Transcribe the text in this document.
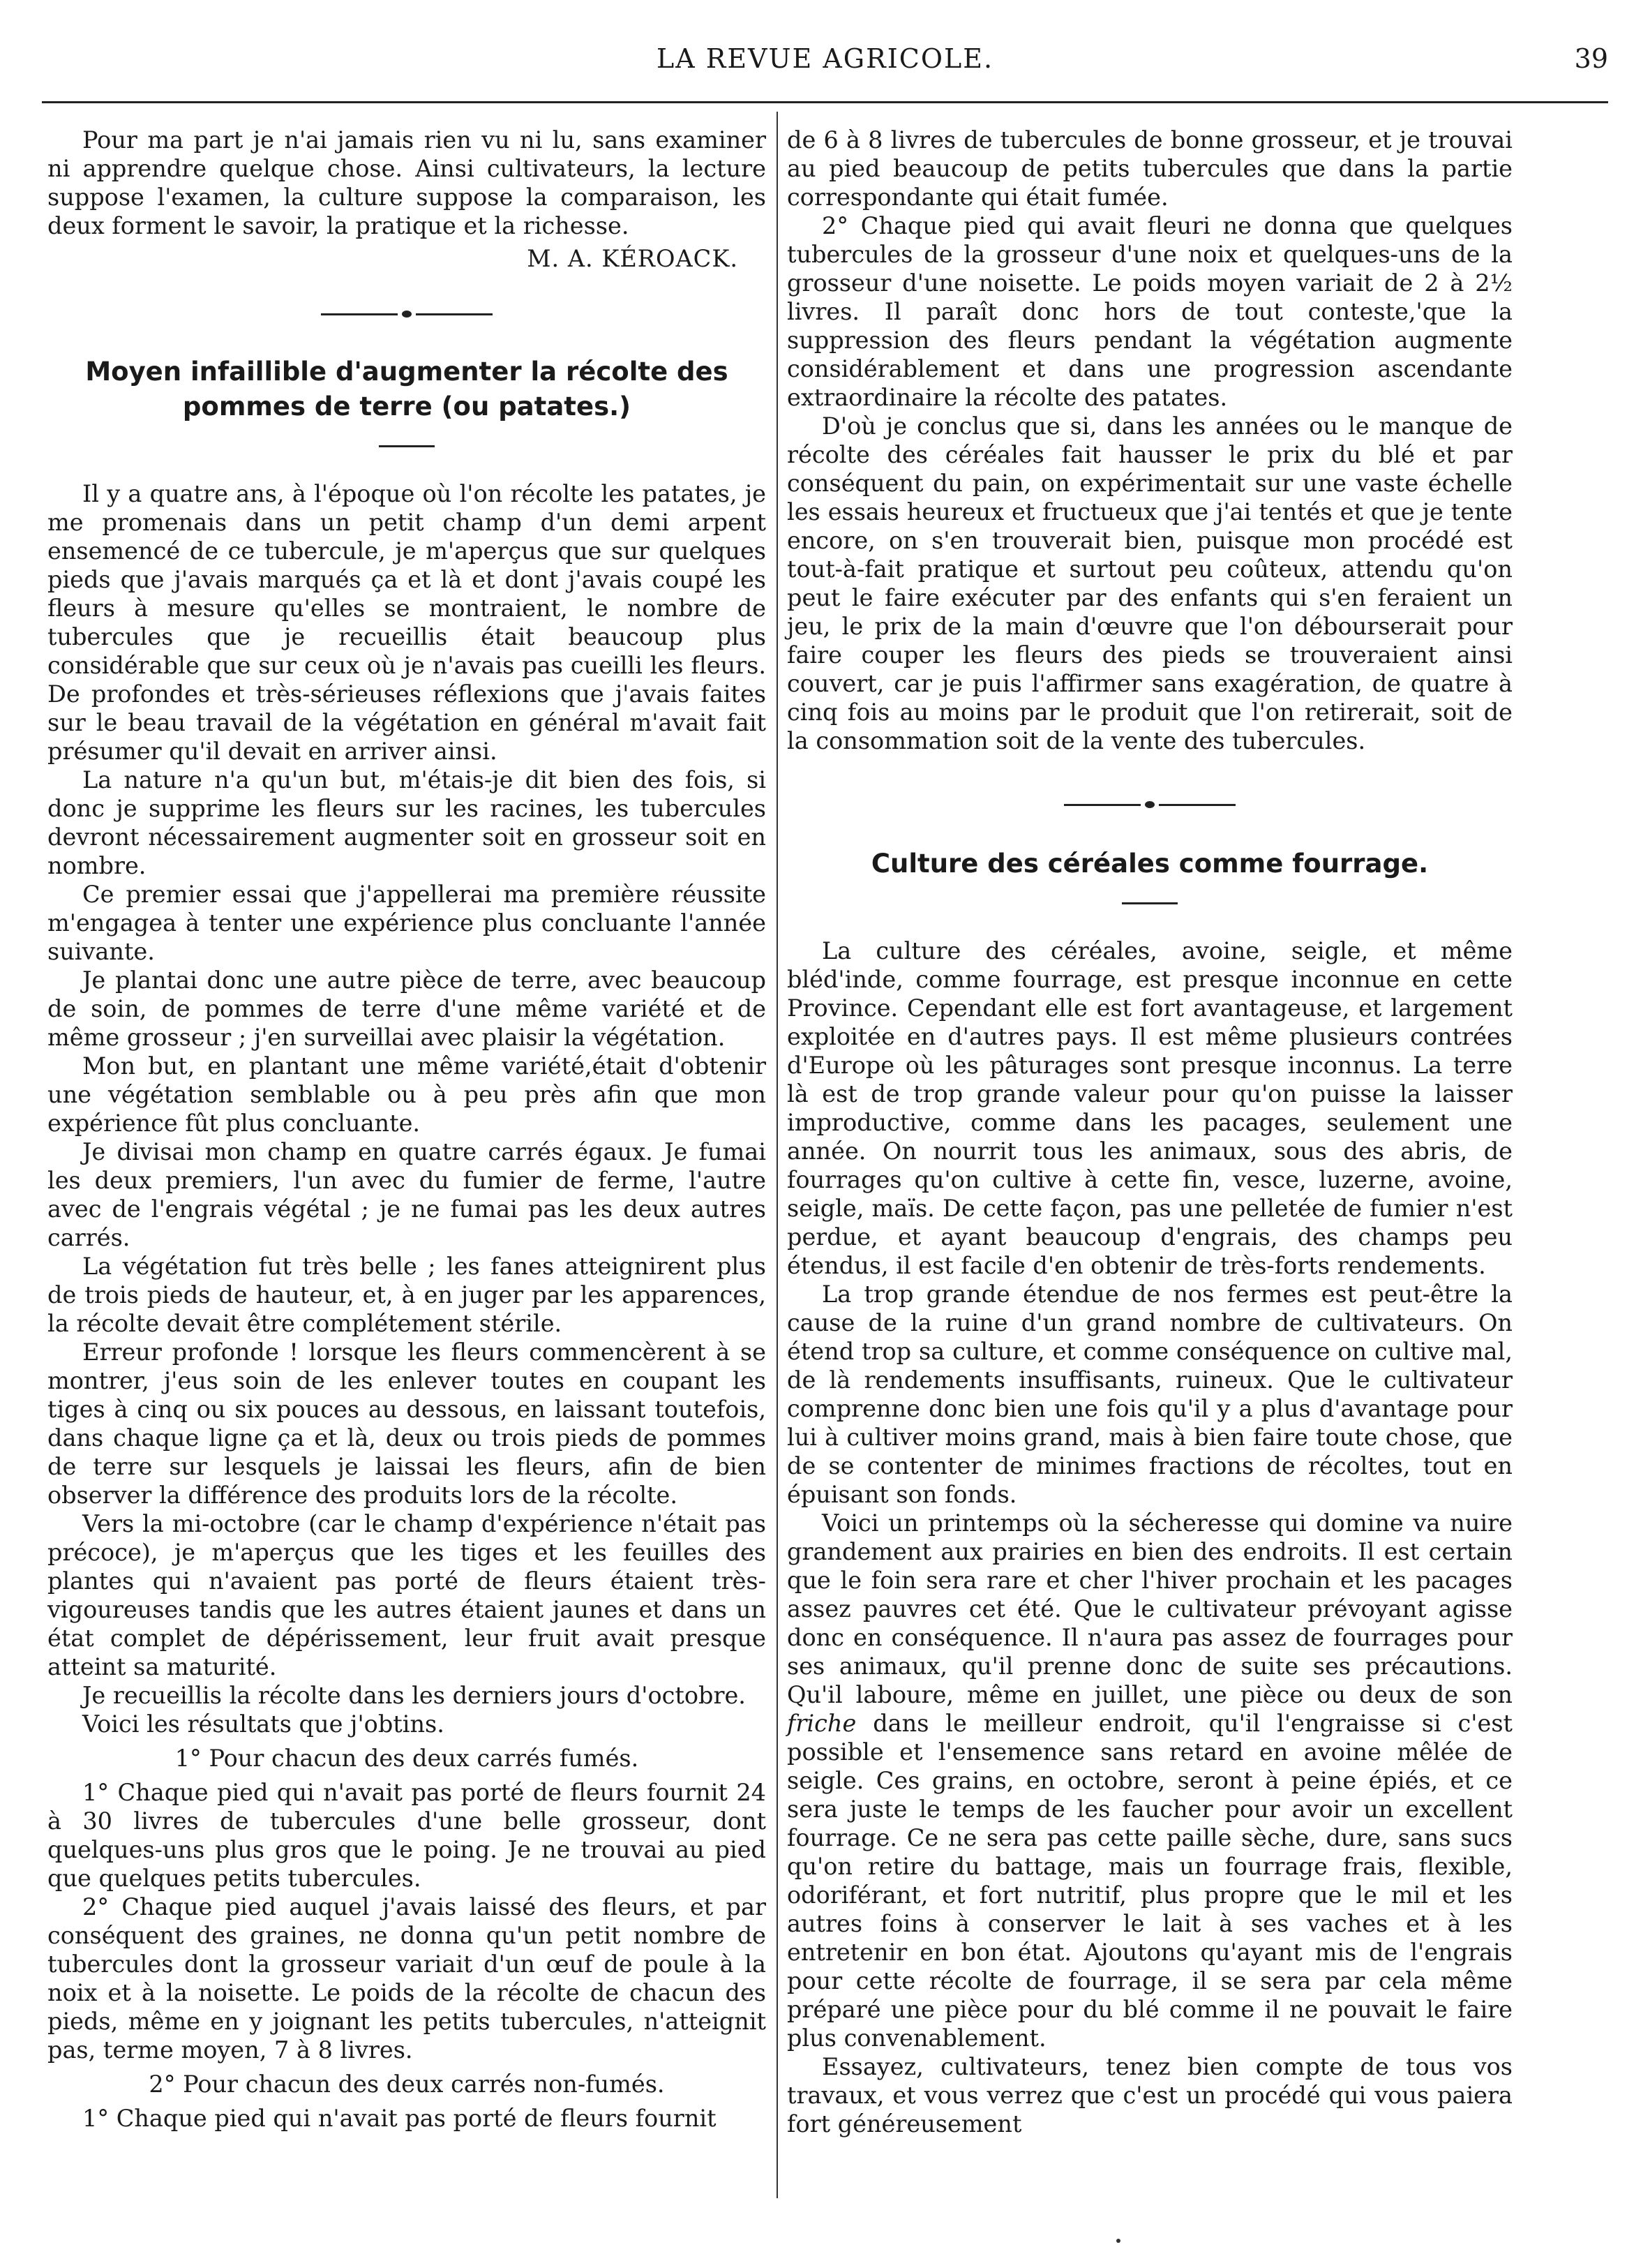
LA REVUE AGRICOLE.	39

Pour ma part je n'ai jamais rien vu ni lu, sans examiner ni apprendre quelque chose. Ainsi cultivateurs, la lecture suppose l'examen, la culture suppose la comparaison, les deux forment le savoir, la pratique et la richesse.

M. A. KÉROACK.
Moyen infaillible d'augmenter la récolte des pommes de terre (ou patates.)

Il y a quatre ans, à l'époque où l'on récolte les patates, je me promenais dans un petit champ d'un demi arpent ensemencé de ce tubercule, je m'aperçus que sur quelques pieds que j'avais marqués ça et là et dont j'avais coupé les fleurs à mesure qu'elles se montraient, le nombre de tubercules que je recueillis était beaucoup plus considérable que sur ceux où je n'avais pas cueilli les fleurs. De profondes et très-sérieuses réflexions que j'avais faites sur le beau travail de la végétation en général m'avait fait présumer qu'il devait en arriver ainsi.

La nature n'a qu'un but, m'étais-je dit bien des fois, si donc je supprime les fleurs sur les racines, les tubercules devront nécessairement augmenter soit en grosseur soit en nombre.

Ce premier essai que j'appellerai ma première réussite m'engagea à tenter une expérience plus concluante l'année suivante.

Je plantai donc une autre pièce de terre, avec beaucoup de soin, de pommes de terre d'une même variété et de même grosseur ; j'en surveillai avec plaisir la végétation.

Mon but, en plantant une même variété,était d'obtenir une végétation semblable ou à peu près afin que mon expérience fût plus concluante.

Je divisai mon champ en quatre carrés égaux. Je fumai les deux premiers, l'un avec du fumier de ferme, l'autre avec de l'engrais végétal ; je ne fumai pas les deux autres carrés.

La végétation fut très belle ; les fanes atteignirent plus de trois pieds de hauteur, et, à en juger par les apparences, la récolte devait être complétement stérile.

Erreur profonde ! lorsque les fleurs commencèrent à se montrer, j'eus soin de les enlever toutes en coupant les tiges à cinq ou six pouces au dessous, en laissant toutefois, dans chaque ligne ça et là, deux ou trois pieds de pommes de terre sur lesquels je laissai les fleurs, afin de bien observer la différence des produits lors de la récolte.

Vers la mi-octobre (car le champ d'expérience n'était pas précoce), je m'aperçus que les tiges et les feuilles des plantes qui n'avaient pas porté de fleurs étaient très-vigoureuses tandis que les autres étaient jaunes et dans un état complet de dépérissement, leur fruit avait presque atteint sa maturité.

Je recueillis la récolte dans les derniers jours d'octobre.

Voici les résultats que j'obtins.

1° Pour chacun des deux carrés fumés.

1° Chaque pied qui n'avait pas porté de fleurs fournit 24 à 30 livres de tubercules d'une belle grosseur, dont quelques-uns plus gros que le poing. Je ne trouvai au pied que quelques petits tubercules.

2° Chaque pied auquel j'avais laissé des fleurs, et par conséquent des graines, ne donna qu'un petit nombre de tubercules dont la grosseur variait d'un œuf de poule à la noix et à la noisette. Le poids de la récolte de chacun des pieds, même en y joignant les petits tubercules, n'atteignit pas, terme moyen, 7 à 8 livres.

2° Pour chacun des deux carrés non-fumés.

1° Chaque pied qui n'avait pas porté de fleurs fournit

de 6 à 8 livres de tubercules de bonne grosseur, et je trouvai au pied beaucoup de petits tubercules que dans la partie correspondante qui était fumée.

2° Chaque pied qui avait fleuri ne donna que quelques tubercules de la grosseur d'une noix et quelques-uns de la grosseur d'une noisette. Le poids moyen variait de 2 à 2½ livres. Il paraît donc hors de tout conteste,'que la suppression des fleurs pendant la végétation augmente considérablement et dans une progression ascendante extraordinaire la récolte des patates.

D'où je conclus que si, dans les années ou le manque de récolte des céréales fait hausser le prix du blé et par conséquent du pain, on expérimentait sur une vaste échelle les essais heureux et fructueux que j'ai tentés et que je tente encore, on s'en trouverait bien, puisque mon procédé est tout-à-fait pratique et surtout peu coûteux, attendu qu'on peut le faire exécuter par des enfants qui s'en feraient un jeu, le prix de la main d'œuvre que l'on débourserait pour faire couper les fleurs des pieds se trouveraient ainsi couvert, car je puis l'affirmer sans exagération, de quatre à cinq fois au moins par le produit que l'on retirerait, soit de la consommation soit de la vente des tubercules.

Culture des céréales comme fourrage.

La culture des céréales, avoine, seigle, et même bléd'inde, comme fourrage, est presque inconnue en cette Province. Cependant elle est fort avantageuse, et largement exploitée en d'autres pays. Il est même plusieurs contrées d'Europe où les pâturages sont presque inconnus. La terre là est de trop grande valeur pour qu'on puisse la laisser improductive, comme dans les pacages, seulement une année. On nourrit tous les animaux, sous des abris, de fourrages qu'on cultive à cette fin, vesce, luzerne, avoine, seigle, maïs. De cette façon, pas une pelletée de fumier n'est perdue, et ayant beaucoup d'engrais, des champs peu étendus, il est facile d'en obtenir de très-forts rendements.

La trop grande étendue de nos fermes est peut-être la cause de la ruine d'un grand nombre de cultivateurs. On étend trop sa culture, et comme conséquence on cultive mal, de là rendements insuffisants, ruineux. Que le cultivateur comprenne donc bien une fois qu'il y a plus d'avantage pour lui à cultiver moins grand, mais à bien faire toute chose, que de se contenter de minimes fractions de récoltes, tout en épuisant son fonds.

Voici un printemps où la sécheresse qui domine va nuire grandement aux prairies en bien des endroits. Il est certain que le foin sera rare et cher l'hiver prochain et les pacages assez pauvres cet été. Que le cultivateur prévoyant agisse donc en conséquence. Il n'aura pas assez de fourrages pour ses animaux, qu'il prenne donc de suite ses précautions. Qu'il laboure, même en juillet, une pièce ou deux de son friche dans le meilleur endroit, qu'il l'engraisse si c'est possible et l'ensemence sans retard en avoine mêlée de seigle. Ces grains, en octobre, seront à peine épiés, et ce sera juste le temps de les faucher pour avoir un excellent fourrage. Ce ne sera pas cette paille sèche, dure, sans sucs qu'on retire du battage, mais un fourrage frais, flexible, odoriférant, et fort nutritif, plus propre que le mil et les autres foins à conserver le lait à ses vaches et à les entretenir en bon état. Ajoutons qu'ayant mis de l'engrais pour cette récolte de fourrage, il se sera par cela même préparé une pièce pour du blé comme il ne pouvait le faire plus convenablement.

Essayez, cultivateurs, tenez bien compte de tous vos travaux, et vous verrez que c'est un procédé qui vous paiera fort généreusement
